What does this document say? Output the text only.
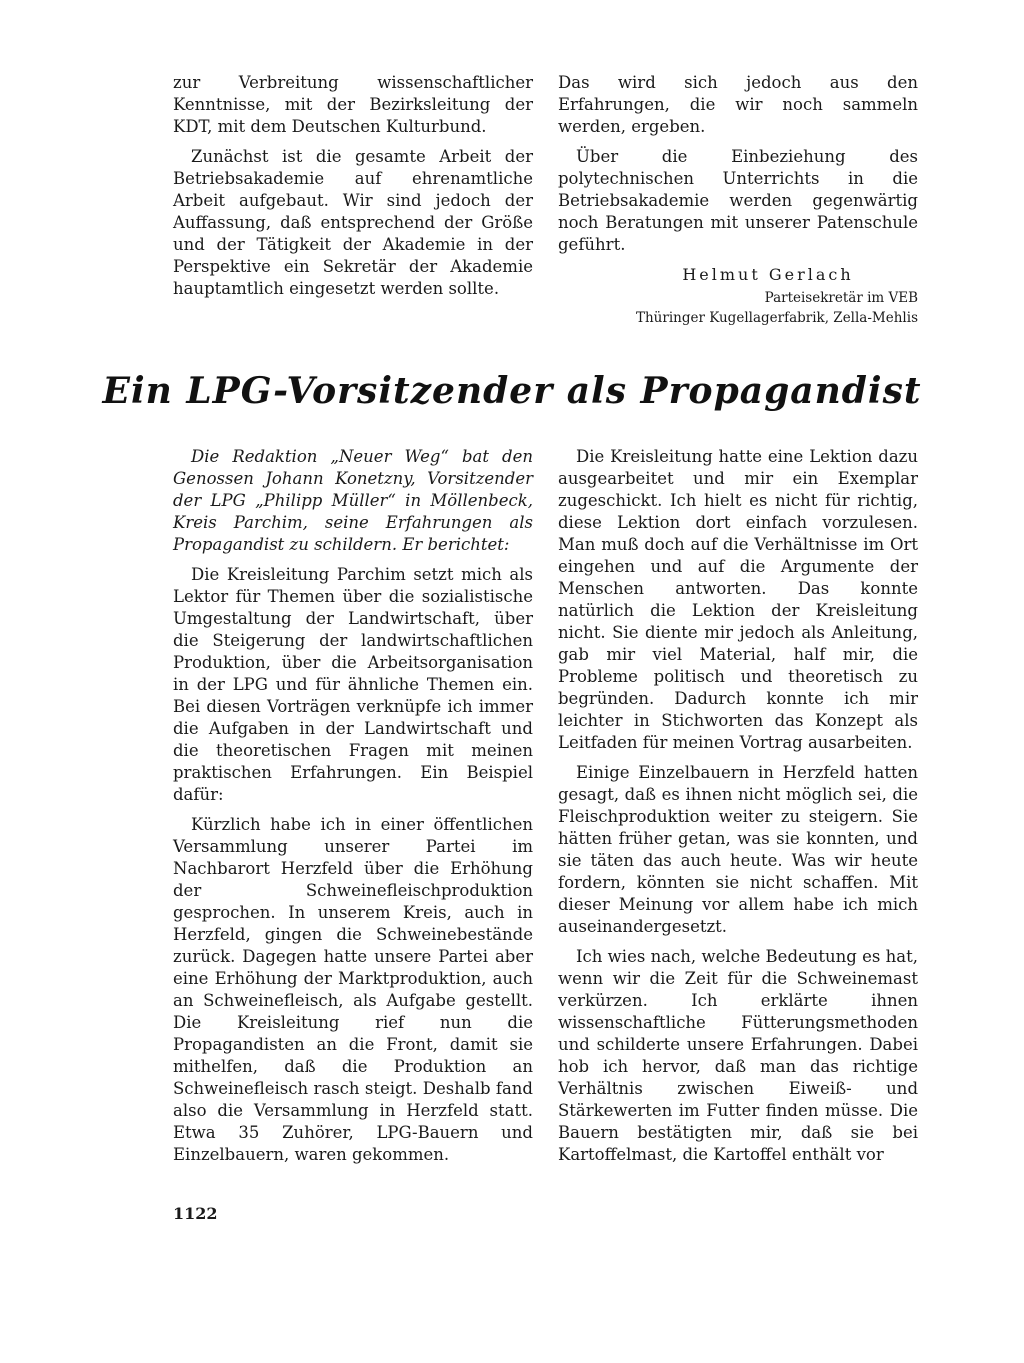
zur Verbreitung wissenschaftlicher Kenntnisse, mit der Bezirksleitung der KDT, mit dem Deutschen Kulturbund.

Zunächst ist die gesamte Arbeit der Betriebsakademie auf ehrenamtliche Arbeit aufgebaut. Wir sind jedoch der Auffassung, daß entsprechend der Größe und der Tätigkeit der Akademie in der Perspektive ein Sekretär der Akademie hauptamtlich eingesetzt werden sollte.

Das wird sich jedoch aus den Erfahrungen, die wir noch sammeln werden, ergeben.

Über die Einbeziehung des polytechnischen Unterrichts in die Betriebsakademie werden gegenwärtig noch Beratungen mit unserer Patenschule geführt.

Helmut Gerlach
Parteisekretär im VEB
Thüringer Kugellagerfabrik, Zella-Mehlis
Ein LPG-Vorsitzender als Propagandist

Die Redaktion „Neuer Weg“ bat den Genossen Johann Konetzny, Vorsitzender der LPG „Philipp Müller“ in Möllenbeck, Kreis Parchim, seine Erfahrungen als Propagandist zu schildern. Er berichtet:

Die Kreisleitung Parchim setzt mich als Lektor für Themen über die sozialistische Umgestaltung der Landwirtschaft, über die Steigerung der landwirtschaftlichen Produktion, über die Arbeitsorganisation in der LPG und für ähnliche Themen ein. Bei diesen Vorträgen verknüpfe ich immer die Aufgaben in der Landwirtschaft und die theoretischen Fragen mit meinen praktischen Erfahrungen. Ein Beispiel dafür:

Kürzlich habe ich in einer öffentlichen Versammlung unserer Partei im Nachbarort Herzfeld über die Erhöhung der Schweinefleischproduktion gesprochen. In unserem Kreis, auch in Herzfeld, gingen die Schweinebestände zurück. Dagegen hatte unsere Partei aber eine Erhöhung der Marktproduktion, auch an Schweinefleisch, als Aufgabe gestellt. Die Kreisleitung rief nun die Propagandisten an die Front, damit sie mithelfen, daß die Produktion an Schweinefleisch rasch steigt. Deshalb fand also die Versammlung in Herzfeld statt. Etwa 35 Zuhörer, LPG-Bauern und Einzelbauern, waren gekommen.

Die Kreisleitung hatte eine Lektion dazu ausgearbeitet und mir ein Exemplar zugeschickt. Ich hielt es nicht für richtig, diese Lektion dort einfach vorzulesen. Man muß doch auf die Verhältnisse im Ort eingehen und auf die Argumente der Menschen antworten. Das konnte natürlich die Lektion der Kreisleitung nicht. Sie diente mir jedoch als Anleitung, gab mir viel Material, half mir, die Probleme politisch und theoretisch zu begründen. Dadurch konnte ich mir leichter in Stichworten das Konzept als Leitfaden für meinen Vortrag ausarbeiten.

Einige Einzelbauern in Herzfeld hatten gesagt, daß es ihnen nicht möglich sei, die Fleischproduktion weiter zu steigern. Sie hätten früher getan, was sie konnten, und sie täten das auch heute. Was wir heute fordern, könnten sie nicht schaffen. Mit dieser Meinung vor allem habe ich mich auseinandergesetzt.

Ich wies nach, welche Bedeutung es hat, wenn wir die Zeit für die Schweinemast verkürzen. Ich erklärte ihnen wissenschaftliche Fütterungsmethoden und schilderte unsere Erfahrungen. Dabei hob ich hervor, daß man das richtige Verhältnis zwischen Eiweiß- und Stärkewerten im Futter finden müsse. Die Bauern bestätigten mir, daß sie bei Kartoffelmast, die Kartoffel enthält vor

1122
